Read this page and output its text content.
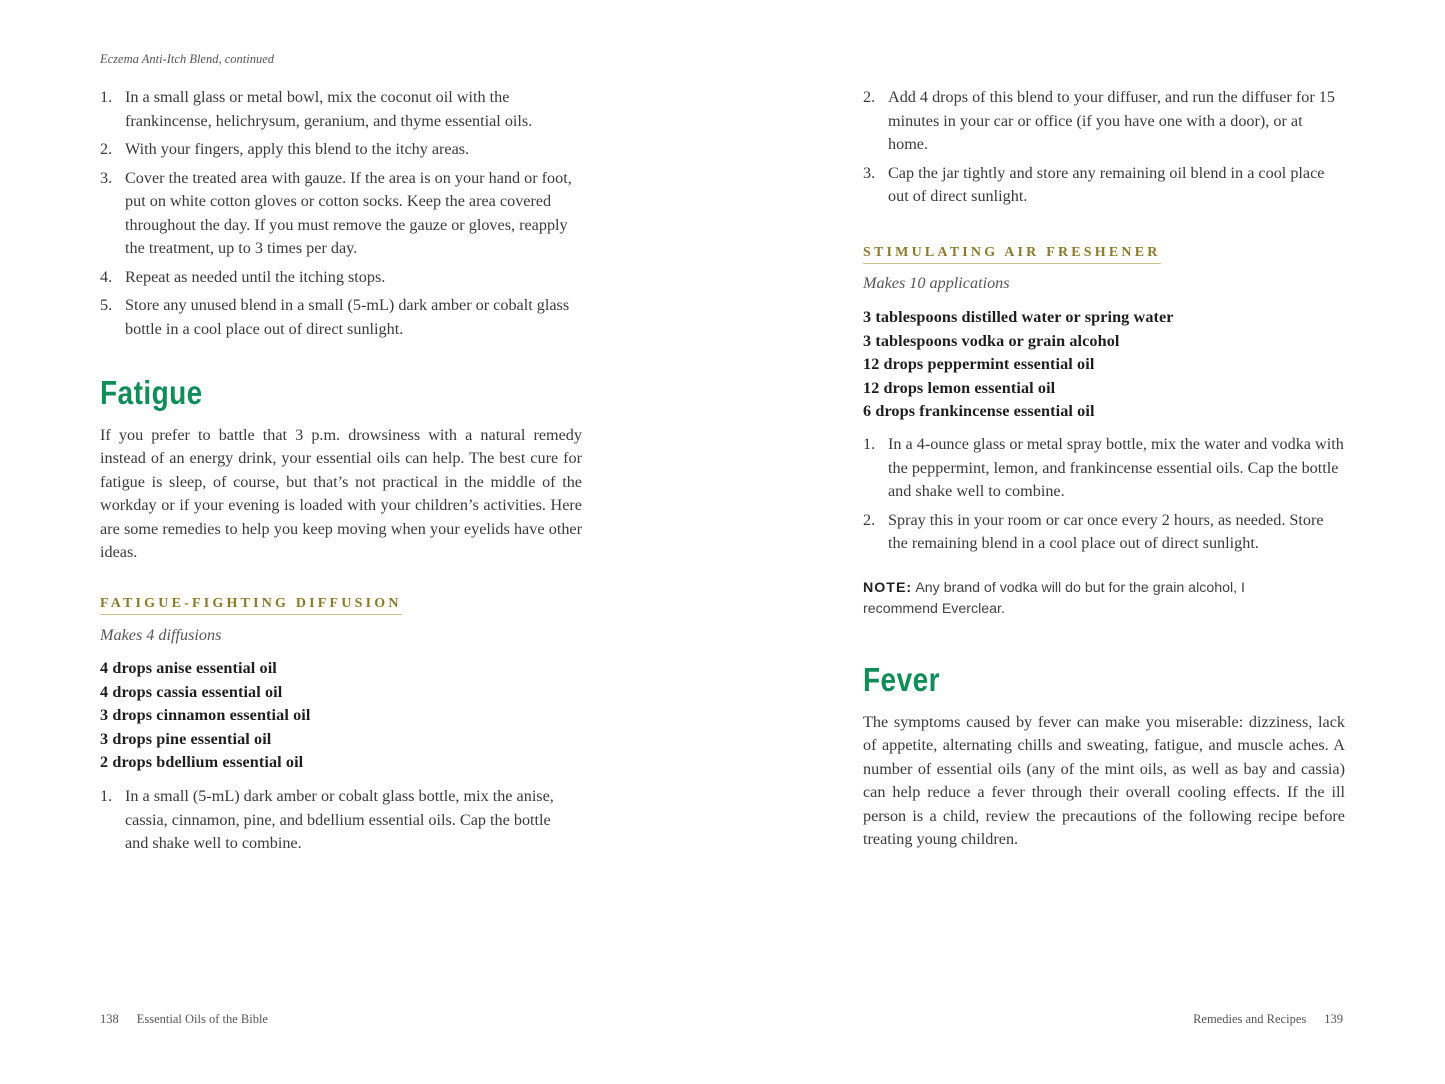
Eczema Anti-Itch Blend, continued
1. In a small glass or metal bowl, mix the coconut oil with the frankincense, helichrysum, geranium, and thyme essential oils.
2. With your fingers, apply this blend to the itchy areas.
3. Cover the treated area with gauze. If the area is on your hand or foot, put on white cotton gloves or cotton socks. Keep the area covered throughout the day. If you must remove the gauze or gloves, reapply the treatment, up to 3 times per day.
4. Repeat as needed until the itching stops.
5. Store any unused blend in a small (5-mL) dark amber or cobalt glass bottle in a cool place out of direct sunlight.
Fatigue

If you prefer to battle that 3 p.m. drowsiness with a natural remedy instead of an energy drink, your essential oils can help. The best cure for fatigue is sleep, of course, but that’s not practical in the middle of the workday or if your evening is loaded with your children’s activities. Here are some remedies to help you keep moving when your eyelids have other ideas.

FATIGUE-FIGHTING DIFFUSION

Makes 4 diffusions

4 drops anise essential oil
4 drops cassia essential oil
3 drops cinnamon essential oil
3 drops pine essential oil
2 drops bdellium essential oil
1. In a small (5-mL) dark amber or cobalt glass bottle, mix the anise, cassia, cinnamon, pine, and bdellium essential oils. Cap the bottle and shake well to combine.
2. Add 4 drops of this blend to your diffuser, and run the diffuser for 15 minutes in your car or office (if you have one with a door), or at home.
3. Cap the jar tightly and store any remaining oil blend in a cool place out of direct sunlight.
STIMULATING AIR FRESHENER

Makes 10 applications

3 tablespoons distilled water or spring water
3 tablespoons vodka or grain alcohol
12 drops peppermint essential oil
12 drops lemon essential oil
6 drops frankincense essential oil
1. In a 4-ounce glass or metal spray bottle, mix the water and vodka with the peppermint, lemon, and frankincense essential oils. Cap the bottle and shake well to combine.
2. Spray this in your room or car once every 2 hours, as needed. Store the remaining blend in a cool place out of direct sunlight.

NOTE: Any brand of vodka will do but for the grain alcohol, I recommend Everclear.

Fever

The symptoms caused by fever can make you miserable: dizziness, lack of appetite, alternating chills and sweating, fatigue, and muscle aches. A number of essential oils (any of the mint oils, as well as bay and cassia) can help reduce a fever through their overall cooling effects. If the ill person is a child, review the precautions of the following recipe before treating young children.

138 Essential Oils of the Bible	Remedies and Recipes 139
